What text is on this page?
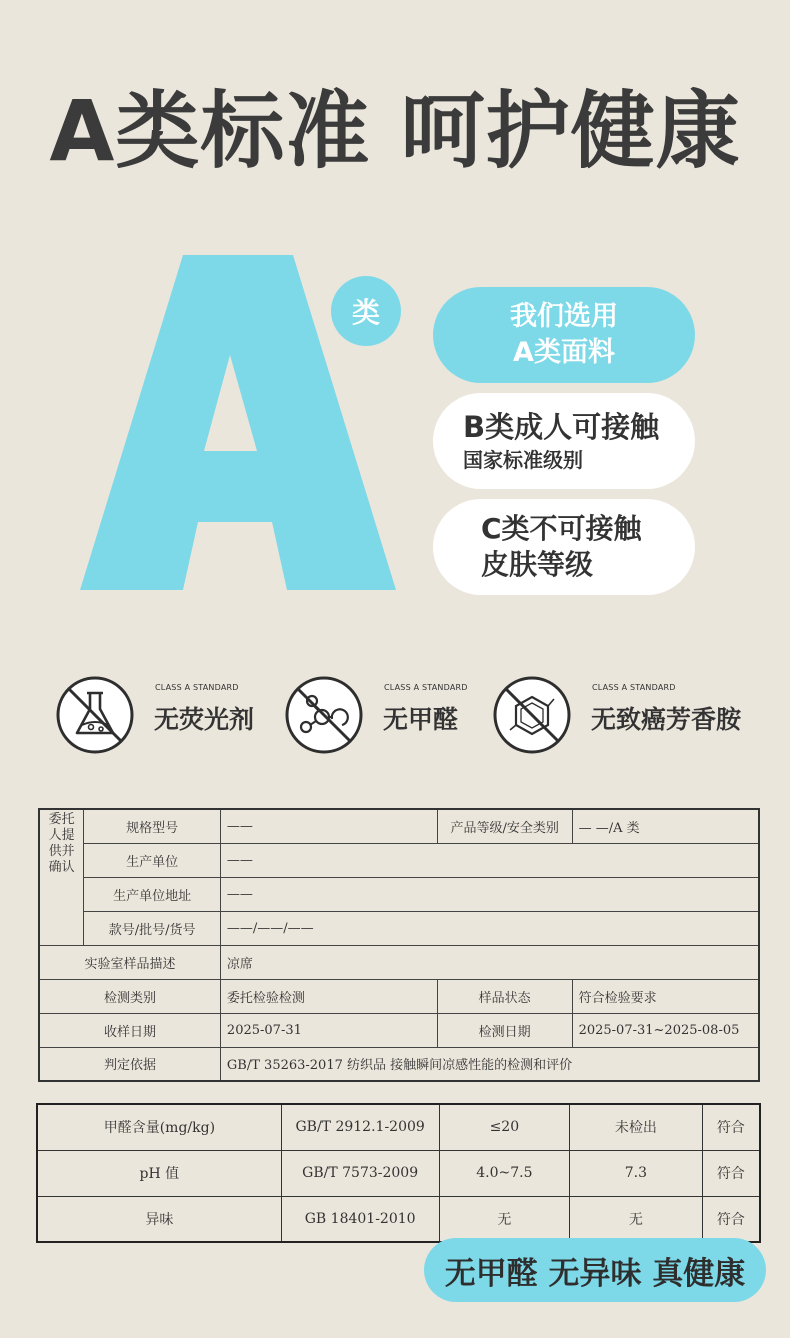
A类标准 呵护健康
类	我们选用
A类面料
B类成人可接触
国家标准级别
C类不可接触
皮肤等级
CLASS A STANDARD
无荧光剂
CLASS A STANDARD
无甲醛
CLASS A STANDARD
无致癌芳香胺
委托人提供并确认	规格型号	——	产品等级/安全类别	— —/A 类
	生产单位	——		
	生产单位地址	——		
	款号/批号/货号	——/——/——		
实验室样品描述		凉席		
检测类别		委托检验检测	样品状态	符合检验要求
收样日期		2025-07-31	检测日期	2025-07-31~2025-08-05
判定依据		GB/T 35263-2017 纺织品 接触瞬间凉感性能的检测和评价		
甲醛含量(mg/kg)	GB/T 2912.1-2009	≤20	未检出	符合
pH 值	GB/T 7573-2009	4.0~7.5	7.3	符合
异味	GB 18401-2010	无	无	符合
无甲醛 无异味 真健康
